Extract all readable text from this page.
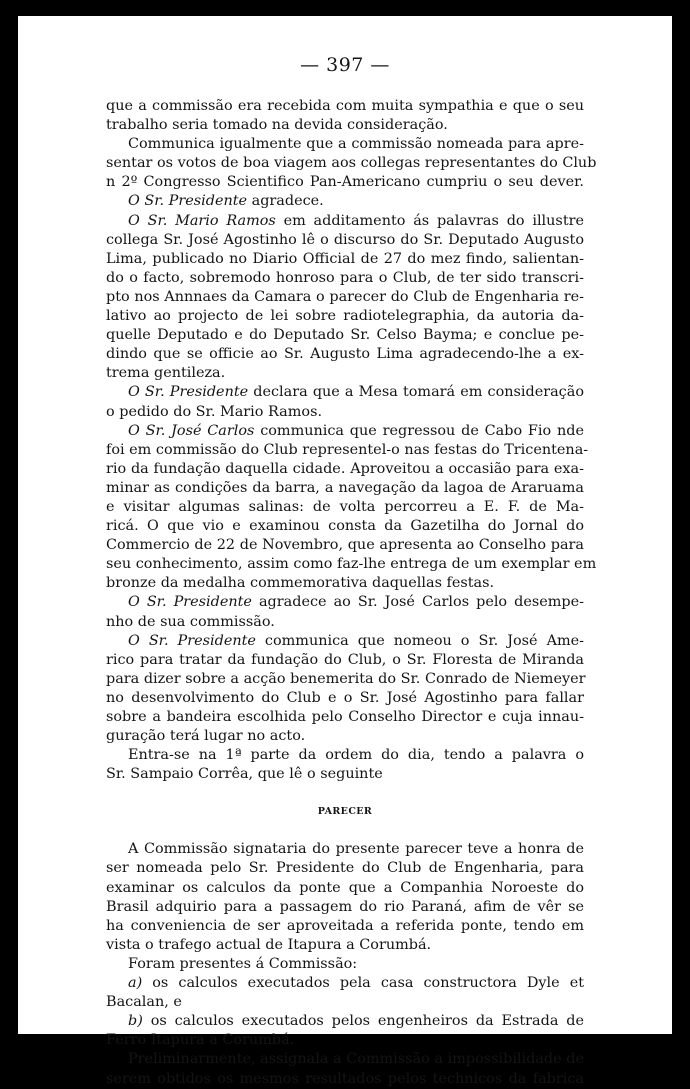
— 397 —
que a commissão era recebida com muita sympathia e que o seu
trabalho seria tomado na devida consideração.
Communica igualmente que a commissão nomeada para apre-
sentar os votos de boa viagem aos collegas representantes do Club
n 2º Congresso Scientifico Pan-Americano cumpriu o seu dever.
O Sr. Presidente agradece.
O Sr. Mario Ramos em additamento ás palavras do illustre
collega Sr. José Agostinho lê o discurso do Sr. Deputado Augusto
Lima, publicado no Diario Official de 27 do mez findo, salientan-
do o facto, sobremodo honroso para o Club, de ter sido transcri-
pto nos Annnaes da Camara o parecer do Club de Engenharia re-
lativo ao projecto de lei sobre radiotelegraphia, da autoria da-
quelle Deputado e do Deputado Sr. Celso Bayma; e conclue pe-
dindo que se officie ao Sr. Augusto Lima agradecendo-lhe a ex-
trema gentileza.
O Sr. Presidente declara que a Mesa tomará em consideração
o pedido do Sr. Mario Ramos.
O Sr. José Carlos communica que regressou de Cabo Fio nde
foi em commissão do Club representel-o nas festas do Tricentena-
rio da fundação daquella cidade. Aproveitou a occasião para exa-
minar as condições da barra, a navegação da lagoa de Araruama
e visitar algumas salinas: de volta percorreu a E. F. de Ma-
ricá. O que vio e examinou consta da Gazetilha do Jornal do
Commercio de 22 de Novembro, que apresenta ao Conselho para
seu conhecimento, assim como faz-lhe entrega de um exemplar em
bronze da medalha commemorativa daquellas festas.
O Sr. Presidente agradece ao Sr. José Carlos pelo desempe-
nho de sua commissão.
O Sr. Presidente communica que nomeou o Sr. José Ame-
rico para tratar da fundação do Club, o Sr. Floresta de Miranda
para dizer sobre a acção benemerita do Sr. Conrado de Niemeyer
no desenvolvimento do Club e o Sr. José Agostinho para fallar
sobre a bandeira escolhida pelo Conselho Director e cuja innau-
guração terá lugar no acto.
Entra-se na 1ª parte da ordem do dia, tendo a palavra o
Sr. Sampaio Corrêa, que lê o seguinte
PARECER
A Commissão signataria do presente parecer teve a honra de
ser nomeada pelo Sr. Presidente do Club de Engenharia, para
examinar os calculos da ponte que a Companhia Noroeste do
Brasil adquirio para a passagem do rio Paraná, afim de vêr se
ha conveniencia de ser aproveitada a referida ponte, tendo em
vista o trafego actual de Itapura a Corumbá.
Foram presentes á Commissão:
a) os calculos executados pela casa constructora Dyle et
Bacalan, e
b) os calculos executados pelos engenheiros da Estrada de
Ferro Itapura a Corumbá.
Preliminarmente, assignala a Commissão a impossibilidade de
serem obtidos os mesmos resultados pelos technicos da fabrica
